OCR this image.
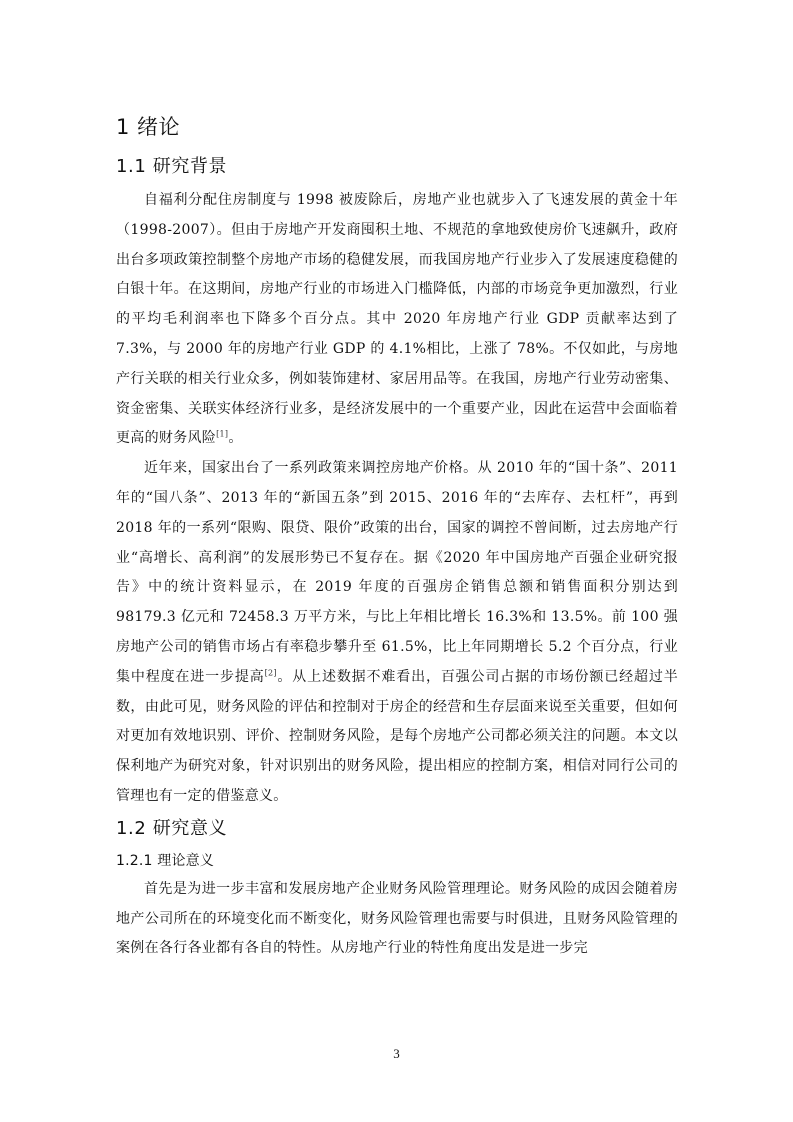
1 绪论
1.1 研究背景

自福利分配住房制度与 1998 被废除后，房地产业也就步入了飞速发展的黄金十年（1998-2007）。但由于房地产开发商囤积土地、不规范的拿地致使房价飞速飙升，政府出台多项政策控制整个房地产市场的稳健发展，而我国房地产行业步入了发展速度稳健的白银十年。在这期间，房地产行业的市场进入门槛降低，内部的市场竞争更加激烈，行业的平均毛利润率也下降多个百分点。其中 2020 年房地产行业 GDP 贡献率达到了 7.3%，与 2000 年的房地产行业 GDP 的 4.1%相比，上涨了 78%。不仅如此，与房地产行关联的相关行业众多，例如装饰建材、家居用品等。在我国，房地产行业劳动密集、资金密集、关联实体经济行业多，是经济发展中的一个重要产业，因此在运营中会面临着更高的财务风险[1]。

近年来，国家出台了一系列政策来调控房地产价格。从 2010 年的“国十条”、2011 年的“国八条”、2013 年的“新国五条”到 2015、2016 年的“去库存、去杠杆”，再到 2018 年的一系列“限购、限贷、限价”政策的出台，国家的调控不曾间断，过去房地产行业“高增长、高利润”的发展形势已不复存在。据《2020 年中国房地产百强企业研究报告》中的统计资料显示，在 2019 年度的百强房企销售总额和销售面积分别达到 98179.3 亿元和 72458.3 万平方米，与比上年相比增长 16.3%和 13.5%。前 100 强房地产公司的销售市场占有率稳步攀升至 61.5%，比上年同期增长 5.2 个百分点，行业集中程度在进一步提高[2]。从上述数据不难看出，百强公司占据的市场份额已经超过半数，由此可见，财务风险的评估和控制对于房企的经营和生存层面来说至关重要，但如何对更加有效地识别、评价、控制财务风险，是每个房地产公司都必须关注的问题。本文以保利地产为研究对象，针对识别出的财务风险，提出相应的控制方案，相信对同行公司的管理也有一定的借鉴意义。

1.2 研究意义
1.2.1 理论意义

首先是为进一步丰富和发展房地产企业财务风险管理理论。财务风险的成因会随着房地产公司所在的环境变化而不断变化，财务风险管理也需要与时俱进，且财务风险管理的案例在各行各业都有各自的特性。从房地产行业的特性角度出发是进一步完

3
